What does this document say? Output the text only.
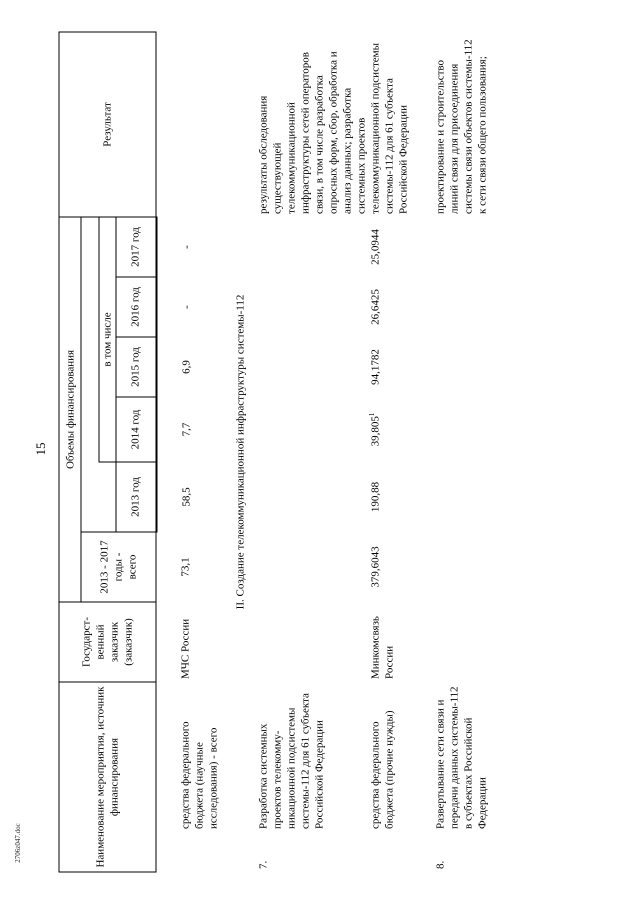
15
2706z047.doc	Наименование мероприятия, источник финансирования		Государст-венный заказчик (заказчик)	Объемы финансирования						Результат

			2013 - 2017 годы - всего						

					в том числе				
				2013 год	2014 год	2015 год	2016 год	2017 год	
	средства федерального бюджета (научные исследования) - всего	МЧС России	73,1	58,5	7,7	6,9	-	-	
II. Создание телекоммуникационной инфраструктуры системы-112									
7.	Разработка системных проектов телекомму-никационной подсистемы системы-112 для 61 субъекта Российской Федерации								результаты обследования существующей телекоммуникационной инфраструктуры сетей операторов связи, в том числе разработка опросных форм, сбор, обработка и анализ данных; разработка системных проектов телекоммуникационной подсистемы системы-112 для 61 субъекта Российской Федерации
	средства федерального бюджета (прочие нужды)	Минкомсвязь России	379,6043	190,88	39,805$^1$	94,1782	26,6425	25,0944	
8.	Развертывание сети связи и передачи данных системы-112 в субъектах Российской Федерации								проектирование и строительство линий связи для присоединения системы связи объектов системы-112 к сети связи общего пользования;
